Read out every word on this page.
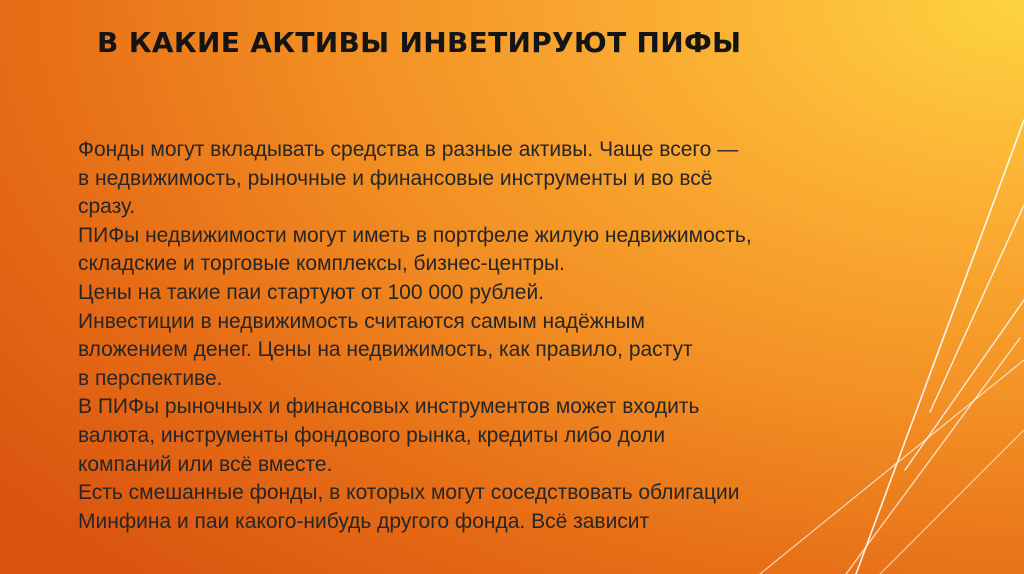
В КАКИЕ АКТИВЫ ИНВЕТИРУЮТ ПИФЫ
Фонды могут вкладывать средства в разные активы. Чаще всего —
в недвижимость, рыночные и финансовые инструменты и во всё
сразу.
ПИФы недвижимости могут иметь в портфеле жилую недвижимость,
складские и торговые комплексы, бизнес-центры.
Цены на такие паи стартуют от 100 000 рублей.
Инвестиции в недвижимость считаются самым надёжным
вложением денег. Цены на недвижимость, как правило, растут
в перспективе.
В ПИФы рыночных и финансовых инструментов может входить
валюта, инструменты фондового рынка, кредиты либо доли
компаний или всё вместе.
Есть смешанные фонды, в которых могут соседствовать облигации
Минфина и паи какого-нибудь другого фонда. Всё зависит
